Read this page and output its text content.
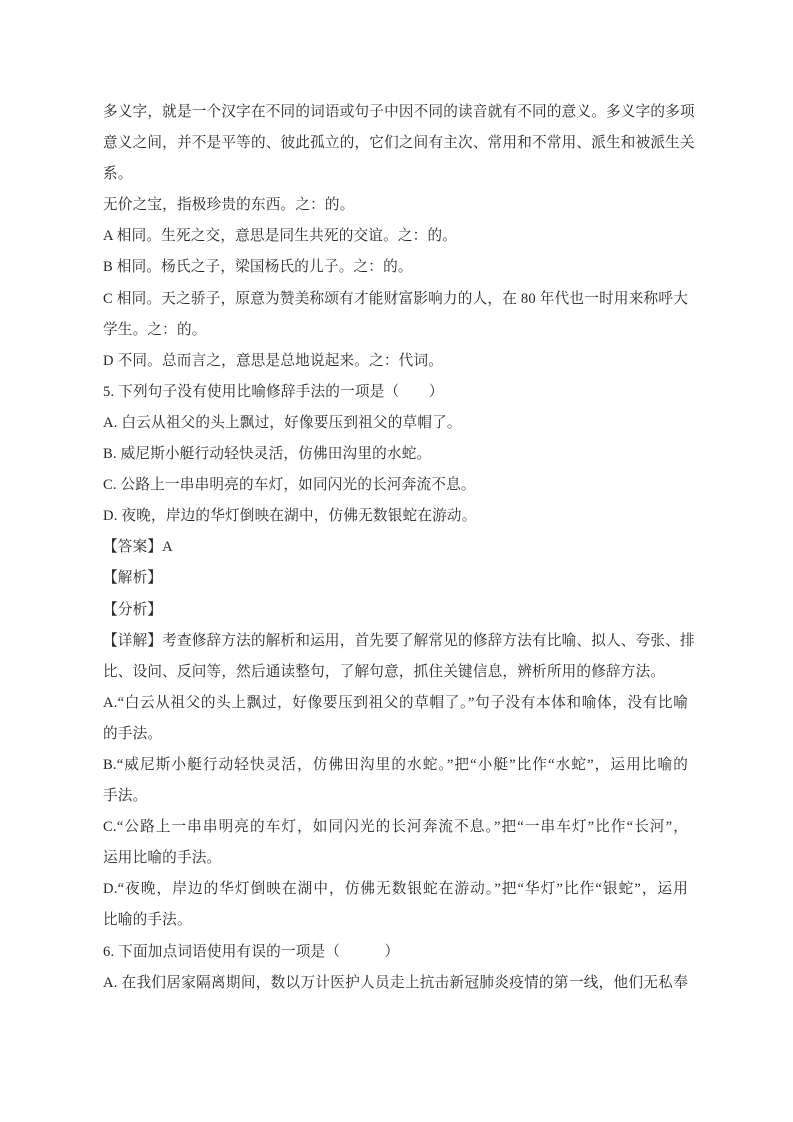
多义字，就是一个汉字在不同的词语或句子中因不同的读音就有不同的意义。多义字的多项
意义之间，并不是平等的、彼此孤立的，它们之间有主次、常用和不常用、派生和被派生关
系。
无价之宝，指极珍贵的东西。之：的。
A 相同。生死之交，意思是同生共死的交谊。之：的。
B 相同。杨氏之子，梁国杨氏的儿子。之：的。
C 相同。天之骄子，原意为赞美称颂有才能财富影响力的人，在 80 年代也一时用来称呼大
学生。之：的。
D 不同。总而言之，意思是总地说起来。之：代词。
5. 下列句子没有使用比喻修辞手法的一项是（　　）
A. 白云从祖父的头上飘过，好像要压到祖父的草帽了。
B. 威尼斯小艇行动轻快灵活，仿佛田沟里的水蛇。
C. 公路上一串串明亮的车灯，如同闪光的长河奔流不息。
D. 夜晚，岸边的华灯倒映在湖中，仿佛无数银蛇在游动。
【答案】A
【解析】
【分析】
【详解】考查修辞方法的解析和运用，首先要了解常见的修辞方法有比喻、拟人、夸张、排
比、设问、反问等，然后通读整句，了解句意，抓住关键信息，辨析所用的修辞方法。
A.“白云从祖父的头上飘过，好像要压到祖父的草帽了。”句子没有本体和喻体，没有比喻
的手法。
B.“威尼斯小艇行动轻快灵活，仿佛田沟里的水蛇。”把“小艇”比作“水蛇”，运用比喻的
手法。
C.“公路上一串串明亮的车灯，如同闪光的长河奔流不息。”把“一串车灯”比作“长河”，
运用比喻的手法。
D.“夜晚，岸边的华灯倒映在湖中，仿佛无数银蛇在游动。”把“华灯”比作“银蛇”，运用
比喻的手法。
6. 下面加点词语使用有误的一项是（　　　）
A. 在我们居家隔离期间，数以万计医护人员走上抗击新冠肺炎疫情的第一线，他们无私奉
